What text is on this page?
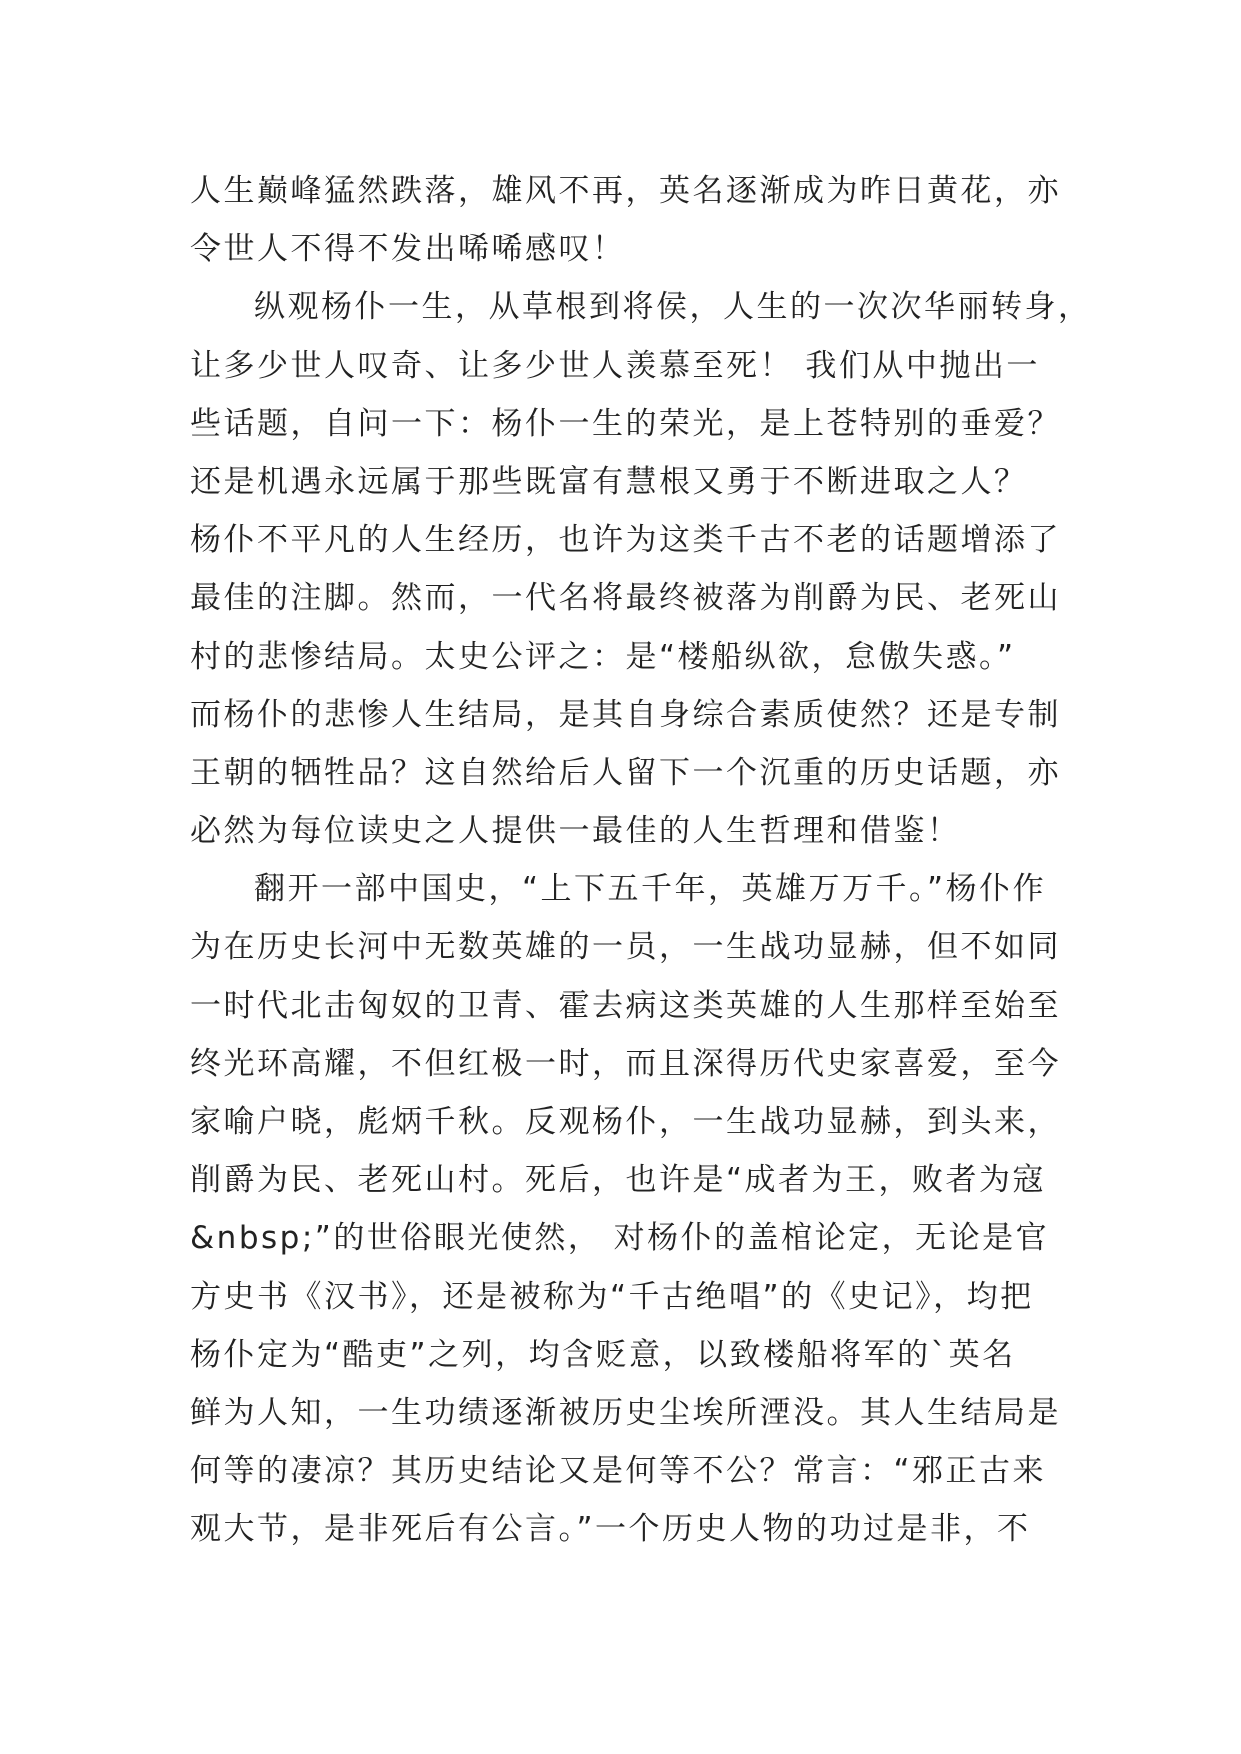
人生巅峰猛然跌落，雄风不再，英名逐渐成为昨日黄花，亦
令世人不得不发出唏唏感叹！
纵观杨仆一生，从草根到将侯，人生的一次次华丽转身，
让多少世人叹奇、让多少世人羡慕至死！ 我们从中抛出一
些话题，自问一下：杨仆一生的荣光，是上苍特别的垂爱？
还是机遇永远属于那些既富有慧根又勇于不断进取之人？
杨仆不平凡的人生经历，也许为这类千古不老的话题增添了
最佳的注脚。然而，一代名将最终被落为削爵为民、老死山
村的悲惨结局。太史公评之：是“楼船纵欲，怠傲失惑。”
而杨仆的悲惨人生结局，是其自身综合素质使然？还是专制
王朝的牺牲品？这自然给后人留下一个沉重的历史话题，亦
必然为每位读史之人提供一最佳的人生哲理和借鉴！
翻开一部中国史，“上下五千年，英雄万万千。”杨仆作
为在历史长河中无数英雄的一员，一生战功显赫，但不如同
一时代北击匈奴的卫青、霍去病这类英雄的人生那样至始至
终光环高耀，不但红极一时，而且深得历代史家喜爱，至今
家喻户晓，彪炳千秋。反观杨仆，一生战功显赫，到头来，
削爵为民、老死山村。死后，也许是“成者为王，败者为寇
&nbsp;”的世俗眼光使然， 对杨仆的盖棺论定，无论是官
方史书《汉书》，还是被称为“千古绝唱”的《史记》，均把
杨仆定为“酷吏”之列，均含贬意，以致楼船将军的`英名
鲜为人知，一生功绩逐渐被历史尘埃所湮没。其人生结局是
何等的凄凉？其历史结论又是何等不公？常言：“邪正古来
观大节，是非死后有公言。”一个历史人物的功过是非，不
